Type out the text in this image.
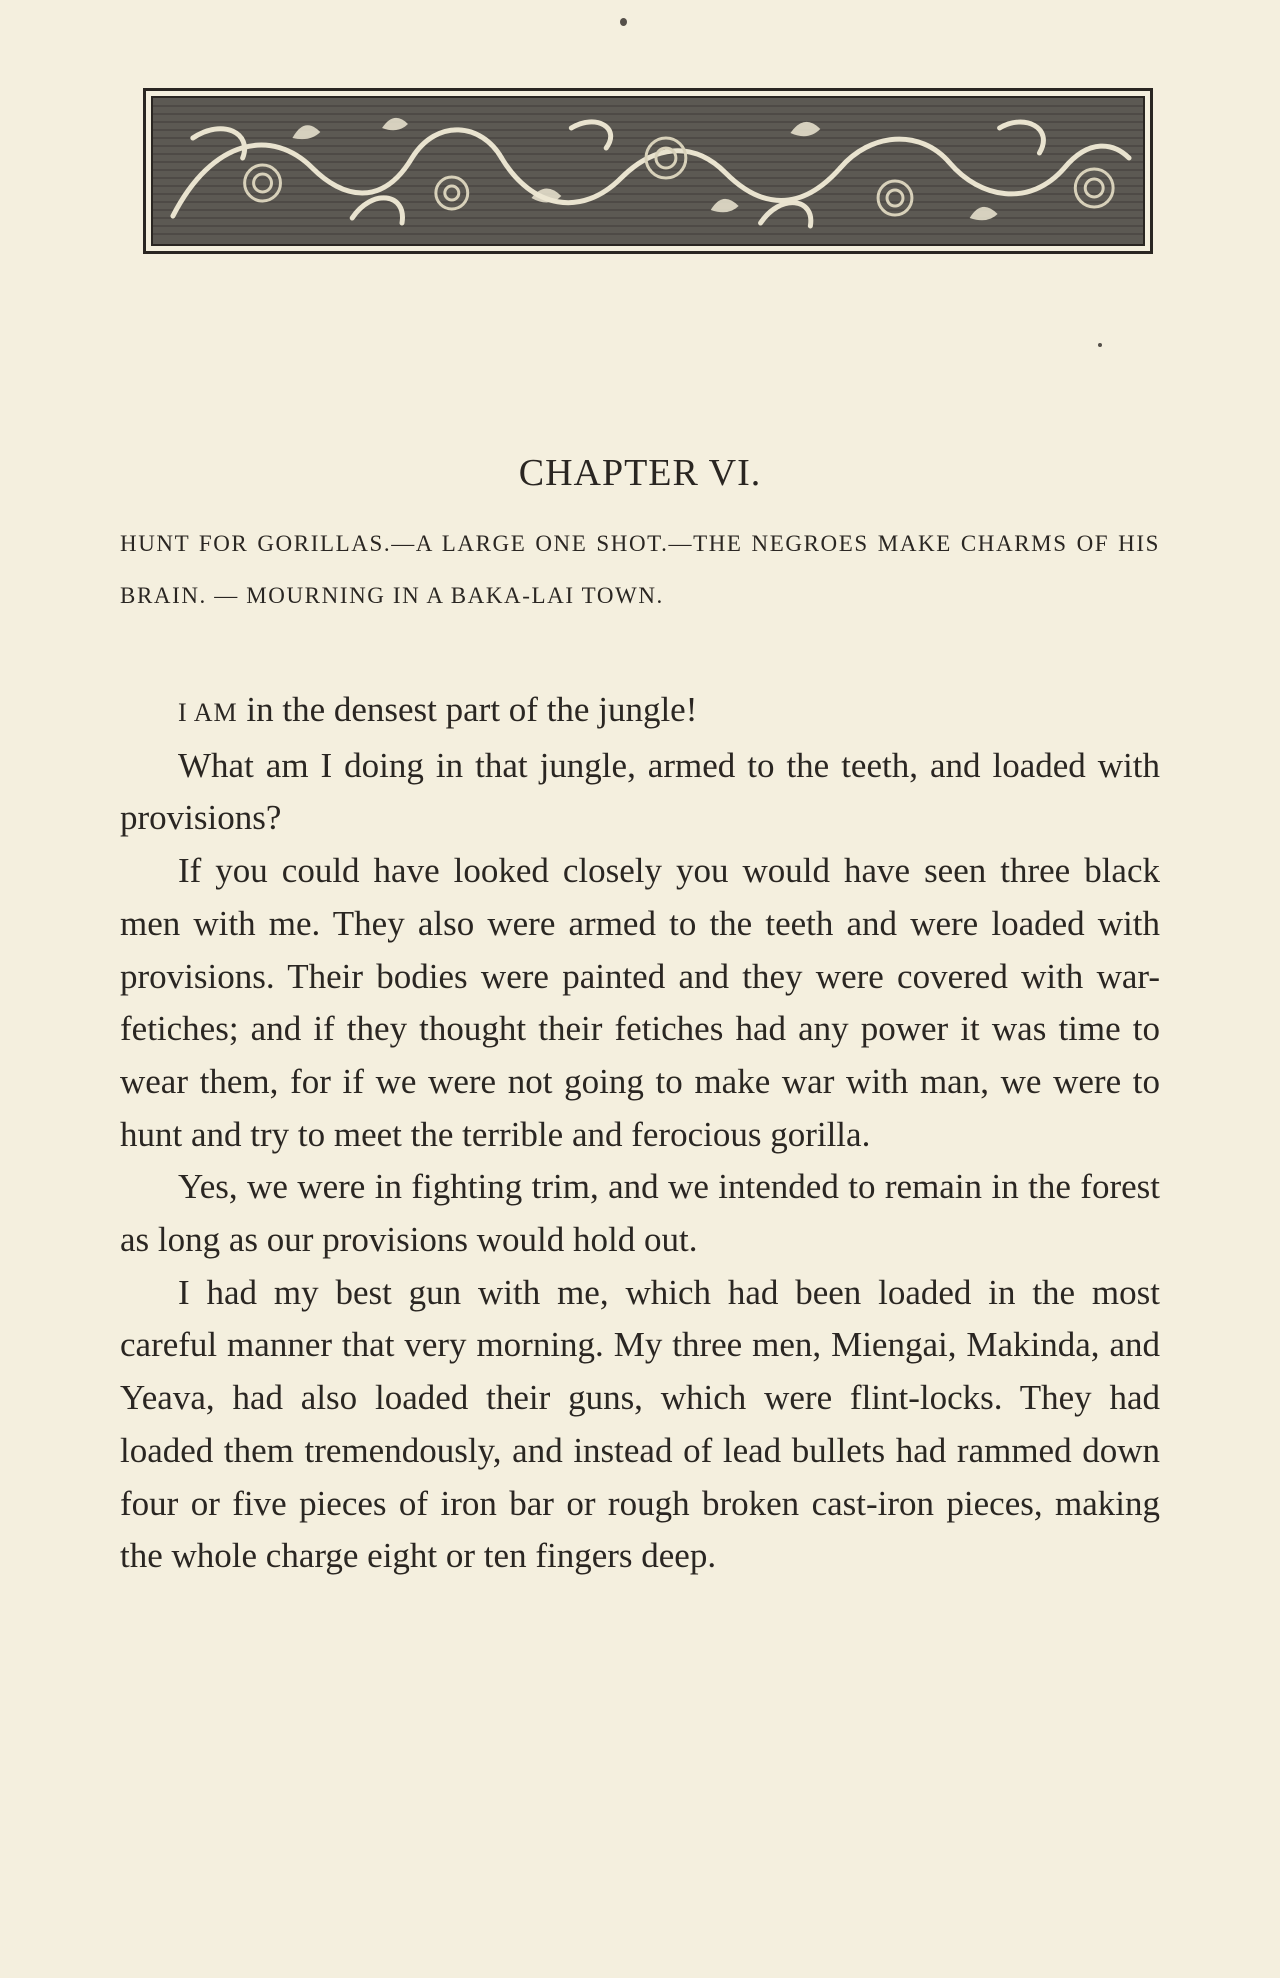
CHAPTER VI.
HUNT FOR GORILLAS.—A LARGE ONE SHOT.—THE NEGROES MAKE CHARMS OF HIS BRAIN. — MOURNING IN A BAKA-LAI TOWN.

I AM in the densest part of the jungle!

What am I doing in that jungle, armed to the teeth, and loaded with provisions?

If you could have looked closely you would have seen three black men with me. They also were armed to the teeth and were loaded with provisions. Their bodies were painted and they were covered with war-fetiches; and if they thought their fetiches had any power it was time to wear them, for if we were not going to make war with man, we were to hunt and try to meet the terrible and ferocious gorilla.

Yes, we were in fighting trim, and we intended to remain in the forest as long as our provisions would hold out.

I had my best gun with me, which had been loaded in the most careful manner that very morning. My three men, Miengai, Makinda, and Yeava, had also loaded their guns, which were flint-locks. They had loaded them tremendously, and instead of lead bullets had rammed down four or five pieces of iron bar or rough broken cast-iron pieces, making the whole charge eight or ten fingers deep.
